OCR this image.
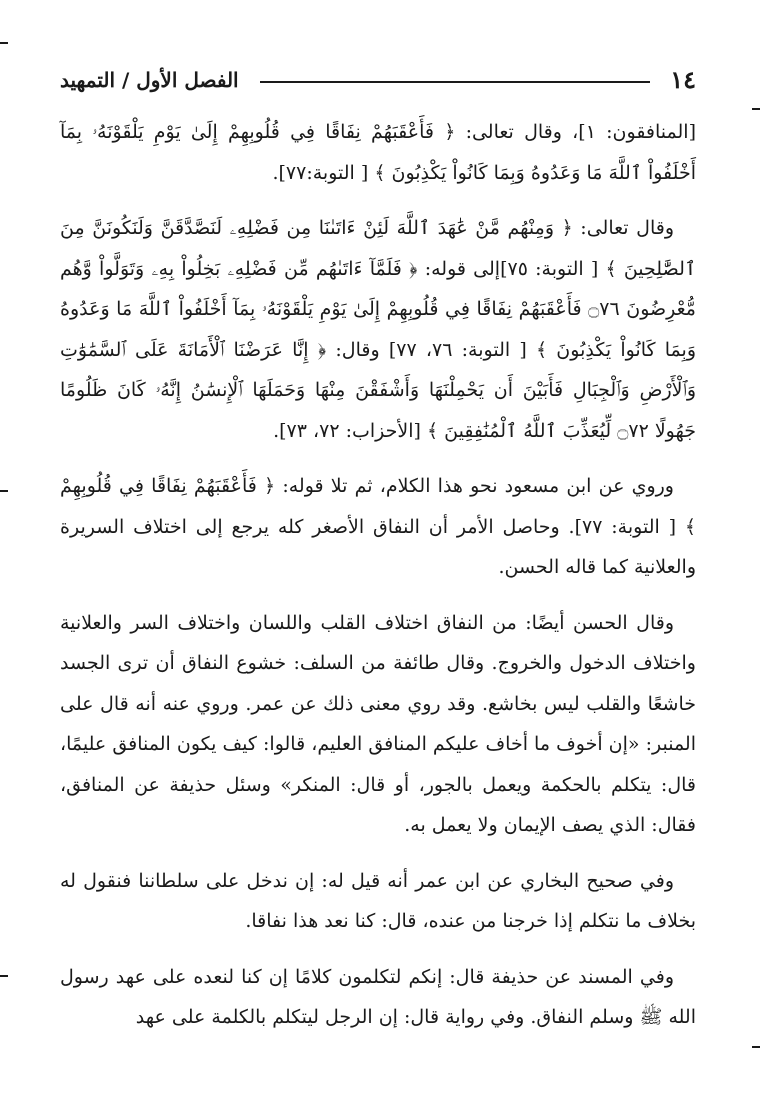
١٤
الفصل الأول / التمهيد

[المنافقون: ١]، وقال تعالى: ﴿ فَأَعْقَبَهُمْ نِفَاقًا فِي قُلُوبِهِمْ إِلَىٰ يَوْمِ يَلْقَوْنَهُۥ بِمَآ أَخْلَفُواْ ٱللَّهَ مَا وَعَدُوهُ وَبِمَا كَانُواْ يَكْذِبُونَ ﴾ [ التوبة:٧٧].

وقال تعالى: ﴿ وَمِنْهُم مَّنْ عَٰهَدَ ٱللَّهَ لَئِنْ ءَاتَىٰنَا مِن فَضْلِهِۦ لَنَصَّدَّقَنَّ وَلَنَكُونَنَّ مِنَ ٱلصَّٰلِحِينَ ﴾ [ التوبة: ٧٥]إلى قوله: ﴿ فَلَمَّآ ءَاتَىٰهُم مِّن فَضْلِهِۦ بَخِلُواْ بِهِۦ وَتَوَلَّواْ وَّهُم مُّعْرِضُونَ ۝٧٦ فَأَعْقَبَهُمْ نِفَاقًا فِي قُلُوبِهِمْ إِلَىٰ يَوْمِ يَلْقَوْنَهُۥ بِمَآ أَخْلَفُواْ ٱللَّهَ مَا وَعَدُوهُ وَبِمَا كَانُواْ يَكْذِبُونَ ﴾ [ التوبة: ٧٦، ٧٧] وقال: ﴿ إِنَّا عَرَضْنَا ٱلْأَمَانَةَ عَلَى ٱلسَّمَٰوَٰتِ وَٱلْأَرْضِ وَٱلْجِبَالِ فَأَبَيْنَ أَن يَحْمِلْنَهَا وَأَشْفَقْنَ مِنْهَا وَحَمَلَهَا ٱلْإِنسَٰنُ إِنَّهُۥ كَانَ ظَلُومًا جَهُولًا ۝٧٢ لِّيُعَذِّبَ ٱللَّهُ ٱلْمُنَٰفِقِينَ ﴾ [الأحزاب: ٧٢، ٧٣].

وروي عن ابن مسعود نحو هذا الكلام، ثم تلا قوله: ﴿ فَأَعْقَبَهُمْ نِفَاقًا فِي قُلُوبِهِمْ ﴾ [ التوبة: ٧٧]. وحاصل الأمر أن النفاق الأصغر كله يرجع إلى اختلاف السريرة والعلانية كما قاله الحسن.

وقال الحسن أيضًا: من النفاق اختلاف القلب واللسان واختلاف السر والعلانية واختلاف الدخول والخروج. وقال طائفة من السلف: خشوع النفاق أن ترى الجسد خاشعًا والقلب ليس بخاشع. وقد روي معنى ذلك عن عمر. وروي عنه أنه قال على المنبر: «إن أخوف ما أخاف عليكم المنافق العليم، قالوا: كيف يكون المنافق عليمًا، قال: يتكلم بالحكمة ويعمل بالجور، أو قال: المنكر» وسئل حذيفة عن المنافق، فقال: الذي يصف الإيمان ولا يعمل به.

وفي صحيح البخاري عن ابن عمر أنه قيل له: إن ندخل على سلطاننا فنقول له بخلاف ما نتكلم إذا خرجنا من عنده، قال: كنا نعد هذا نفاقا.

وفي المسند عن حذيفة قال: إنكم لتكلمون كلامًا إن كنا لنعده على عهد رسول الله ﷺ وسلم النفاق. وفي رواية قال: إن الرجل ليتكلم بالكلمة على عهد
